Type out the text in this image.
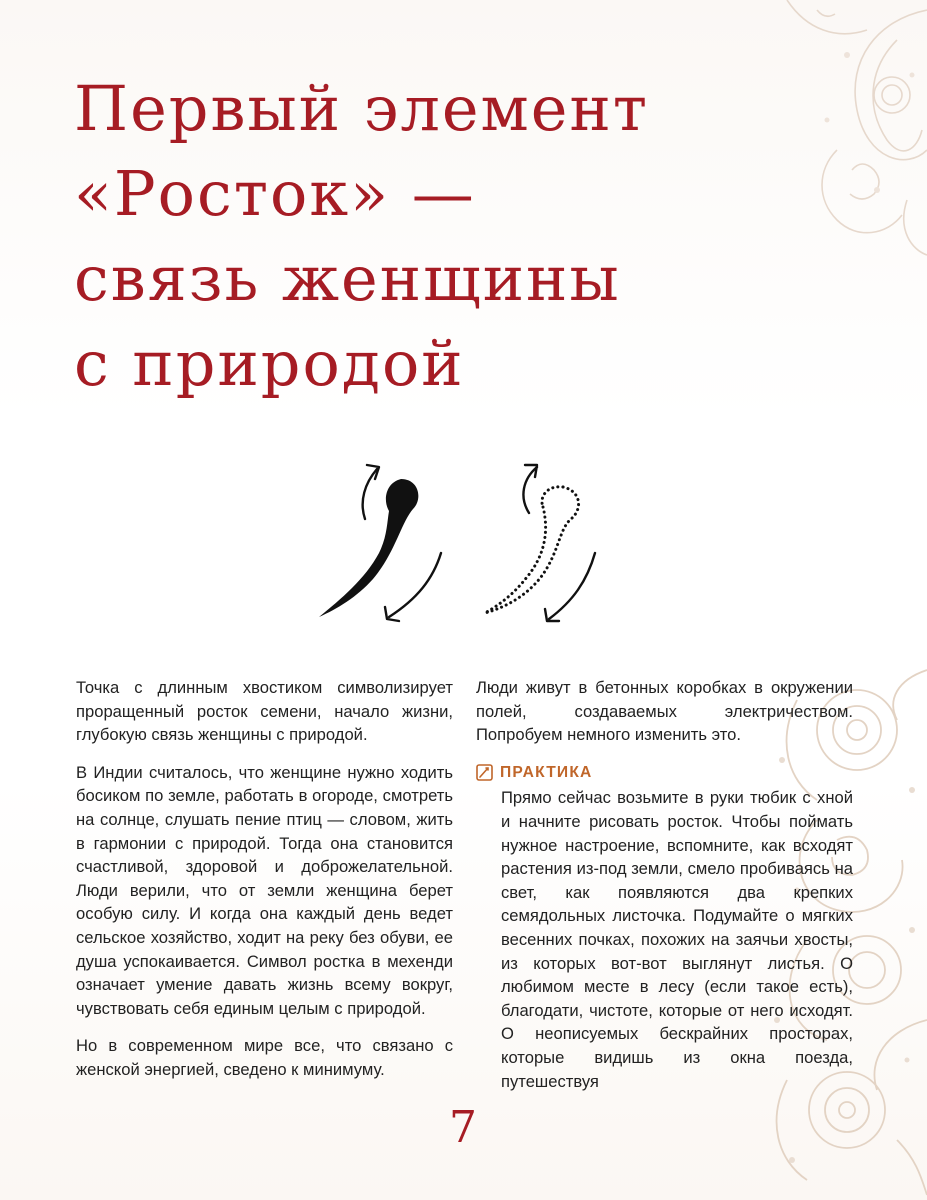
Первый элемент
«Росток» —
связь женщины
с природой

Точка с длинным хвостиком символизирует проращенный росток семени, начало жизни, глубокую связь женщины с природой.

В Индии считалось, что женщине нужно ходить босиком по земле, работать в огороде, смотреть на солнце, слушать пение птиц — словом, жить в гармонии с природой. Тогда она становится счастливой, здоровой и доброжелательной. Люди верили, что от земли женщина берет особую силу. И когда она каждый день ведет сельское хозяйство, ходит на реку без обуви, ее душа успокаивается. Символ ростка в мехенди означает умение давать жизнь всему вокруг, чувствовать себя единым целым с природой.

Но в современном мире все, что связано с женской энергией, сведено к минимуму.

Люди живут в бетонных коробках в окружении полей, создаваемых электричеством. Попробуем немного изменить это.

ПРАКТИКА

Прямо сейчас возьмите в руки тюбик с хной и начните рисовать росток. Чтобы поймать нужное настроение, вспомните, как всходят растения из-под земли, смело пробиваясь на свет, как появляются два крепких семядольных листочка. Подумайте о мягких весенних почках, похожих на заячьи хвосты, из которых вот-вот выглянут листья. О любимом месте в лесу (если такое есть), благодати, чистоте, которые от него исходят. О неописуемых бескрайних просторах, которые видишь из окна поезда, путешествуя

7
